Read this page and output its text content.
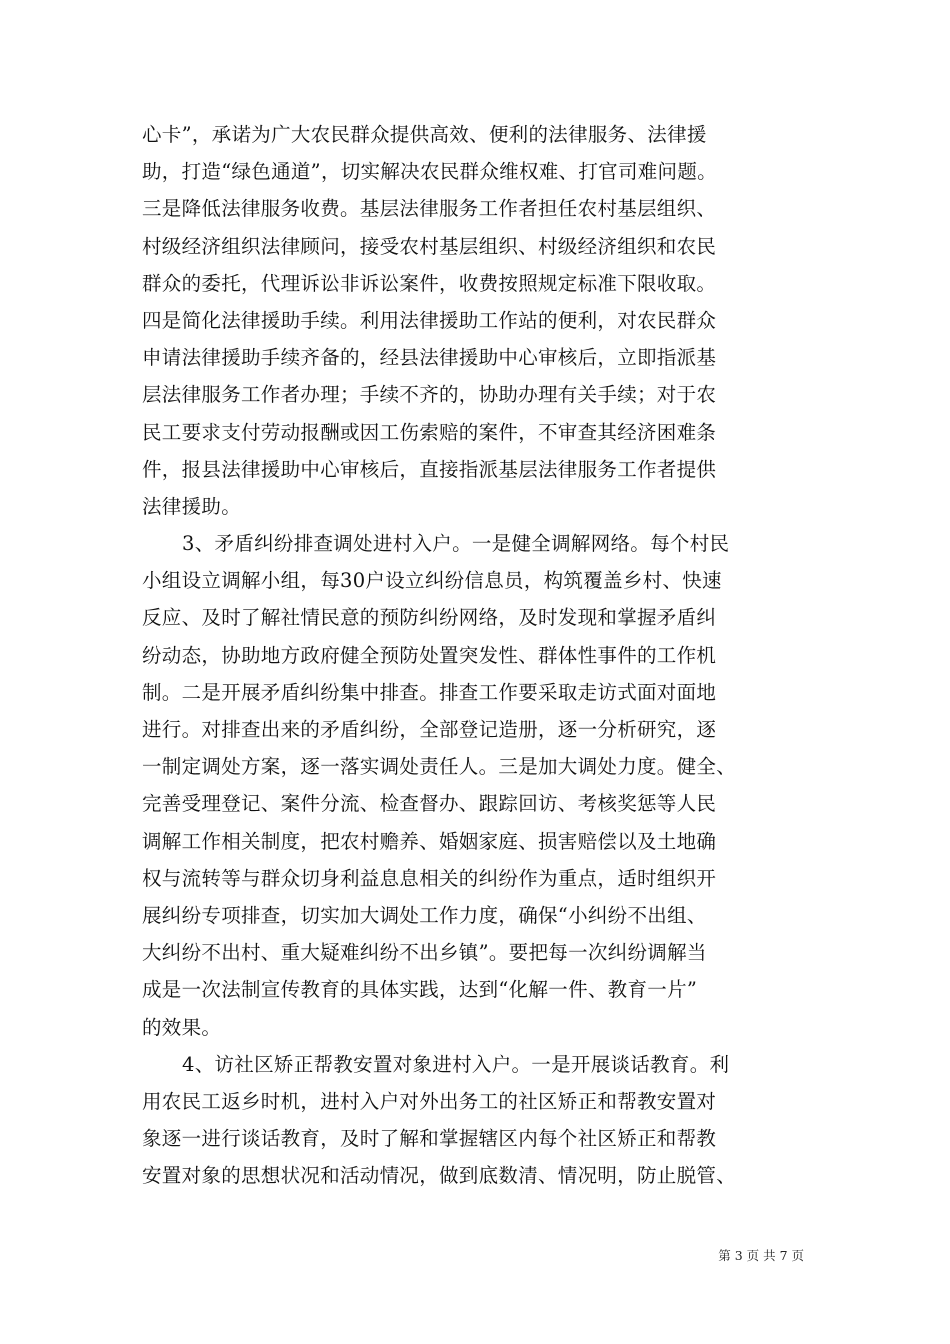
心卡”，承诺为广大农民群众提供高效、便利的法律服务、法律援
助，打造“绿色通道”，切实解决农民群众维权难、打官司难问题。
三是降低法律服务收费。基层法律服务工作者担任农村基层组织、
村级经济组织法律顾问，接受农村基层组织、村级经济组织和农民
群众的委托，代理诉讼非诉讼案件，收费按照规定标准下限收取。
四是简化法律援助手续。利用法律援助工作站的便利，对农民群众
申请法律援助手续齐备的，经县法律援助中心审核后，立即指派基
层法律服务工作者办理；手续不齐的，协助办理有关手续；对于农
民工要求支付劳动报酬或因工伤索赔的案件，不审查其经济困难条
件，报县法律援助中心审核后，直接指派基层法律服务工作者提供
法律援助。
3、矛盾纠纷排查调处进村入户。一是健全调解网络。每个村民
小组设立调解小组，每30户设立纠纷信息员，构筑覆盖乡村、快速
反应、及时了解社情民意的预防纠纷网络，及时发现和掌握矛盾纠
纷动态，协助地方政府健全预防处置突发性、群体性事件的工作机
制。二是开展矛盾纠纷集中排查。排查工作要采取走访式面对面地
进行。对排查出来的矛盾纠纷，全部登记造册，逐一分析研究，逐
一制定调处方案，逐一落实调处责任人。三是加大调处力度。健全、
完善受理登记、案件分流、检查督办、跟踪回访、考核奖惩等人民
调解工作相关制度，把农村赡养、婚姻家庭、损害赔偿以及土地确
权与流转等与群众切身利益息息相关的纠纷作为重点，适时组织开
展纠纷专项排查，切实加大调处工作力度，确保“小纠纷不出组、
大纠纷不出村、重大疑难纠纷不出乡镇”。要把每一次纠纷调解当
成是一次法制宣传教育的具体实践，达到“化解一件、教育一片”
的效果。
4、访社区矫正帮教安置对象进村入户。一是开展谈话教育。利
用农民工返乡时机，进村入户对外出务工的社区矫正和帮教安置对
象逐一进行谈话教育，及时了解和掌握辖区内每个社区矫正和帮教
安置对象的思想状况和活动情况，做到底数清、情况明，防止脱管、
第 3 页 共 7 页
